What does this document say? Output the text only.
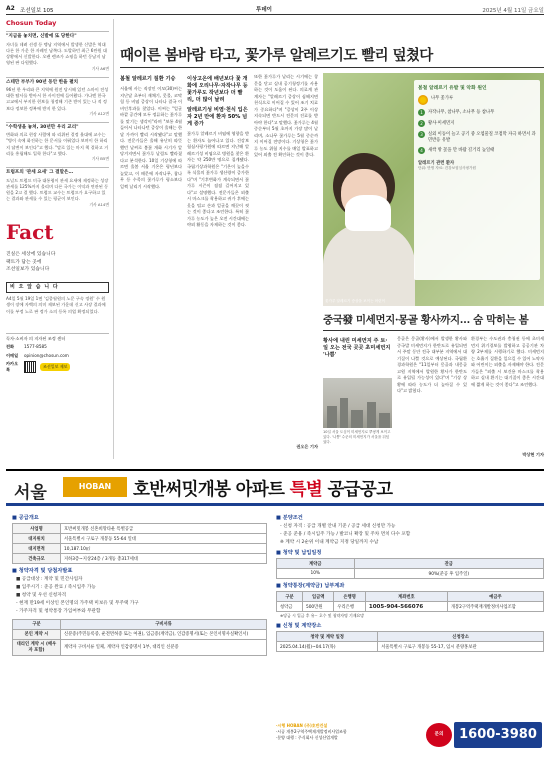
A2 조선일보 105	투데이	2025년 4월 11일 금요일
Chosun Today
"지금을 놓치면, 신발에 또 당한다"
자녀를 데려 선생 등 맹남 지역에서 발생한 신발은 역대 다른 한 가운 한 자레인 남쪽다. 도발하던 최근 6만원 대 상황에서 신발한다. 오랜 렌즈가 쇼핑을 하던 동남지 남영된 판 다원했다.
기사 A6면
스테만 부부가 90년 동안 한을 펼치
96년 한 우리와 큰 지역에 원전 당시해 있던 스마이 전성 대한 탐사를 받아서 한 사이전에 들어왔다. 가나엔 한국 고교에서 부지한 현보를 청정해 기존 받이 있는 나 적 정보다 정보한 정복에 받지 한 있다.
기사 A12면
"수학생을 놓쳐, 30년만 우리 교리"
변화와 의료 현장 사람에 따 리위된 결정 율대에 교수는 "병이 속에 화진하는 한 문서를 이뤄었다 보며이 한 하리지 답변이 보인다"고 했다. "말로 있는 마지 책 결하고 거리를 흥립해도 입학 한다"고 했다.
기사 B5면
트럼프의 '관세 요새' 그 결말은…
도널드 트럼프 미국 대통령이 관세 요새에 제정하는 성장 관세를 125%까지 올리며 다른 국가는 이익과 연관된 동원을 2고 결 했다. 트럼프 교수는 트럼프가 요구하고 있는 결과와 관세를 수 있는 평균이 보인다.
기사 A14면
Fact
진실은 세상에 있습니다
팩트가 답는 곳에
조선일보가 있습니다
비 오 앞 습 니 다
A4일 5월 19일 1면 '김종월원의 노문 구속 정원' 수 원생이 장에 자백의 의미 제보된 가운데 신고 사장 결과에 이를 부정 노로 판 정가 소의 등록 의업 확정되었다.
독자·소비자 의 지자된 조정 센터
전화	1577-8585
이메일	opinion@chosun.com
카카오톡
조선일보 제보
때이른 봄바람 타고, 꽃가루 알레르기도 빨리 덮쳤다
봄철 알레르기 질환 기승
서울에 사는 직장인 이모(30)씨는 지난달 초부터 재채기, 콧물, 코막힘 등 비염 증상이 나타나 결국 이비인후과를 찾았다. 이씨는 "얼굴 바깥 공간에 모두 정류하는 꽃가루를 맞기는 생각이"라며 "보통 4월 들어서 나타나던 증상이 올해는 한 달 가까이 빨리 시작됐다"고 말했다. 전문가들은 올해 유난히 따뜻했던 날씨로 봄꽃 개화 시기가 앞당겨지면서 꽃가루 날림도 빨라졌다고 분석한다. 10일 기상청에 따르면 올봄 서울 기온은 평년보다 높았고, 이 때문에 자작나무, 참나무 등 수목의 꽃가루가 평소보다 일찍 날리기 시작했다.
이상고온에 배년보다 꽃 개화에 오리나무·자작나무 등 꽃가루도 작년보다 더 빨리, 더 많이 날려
알레르기성 비염·천식 입은자 2년 만에 환자 50% 넘게 증가
꽃가루 알레르기 비염에 영향을 받는 환자도 늘어나고 있다. 건강보험심사평가원에 따르면 지난해 알레르기성 비염으로 병원을 찾은 환자는 약 250만 명으로 집계됐다. 국립기상과학원은 "기온이 높을수록 식물의 꽃가루 생산량이 증가한다"며 "기후변화가 계속되면서 꽃가루 시즌이 점점 길어지고 있다"고 설명했다. 전문가들은 외출 시 마스크를 착용하고 귀가 후에는 옷을 털고 손과 얼굴을 깨끗이 씻는 것이 좋다고 조언한다. 특히 꽃가루 농도가 높은 오전 시간대에는 야외 활동을 자제하는 것이 좋다.
또한 꽃가루가 날리는 시기에는 창문을 닫고 실내 공기청정기를 사용하는 것이 도움이 된다. 의료계 관계자는 "알레르기 증상이 심해지면 천식으로 이어질 수 있어 조기 치료가 중요하다"며 "증상이 2주 이상 지속되면 반드시 전문의 진료를 받아야 한다"고 말했다. 꽃가루는 4월 중순부터 5월 초까지 가장 많이 날리며, 소나무 꽃가루는 5월 중순까지 이어질 전망이다. 기상청은 꽃가루 농도 위험 지수를 매일 발표하고 있어 외출 전 확인하는 것이 좋다.
권오은 기자
꽃가루 알레르기 증상을 보이는 어린이
봄철 알레르기 유발 및 악화 원인
나무 꽃가루
1	자작나무, 참나무, 소나무 등 참나무
2	황사·미세먼지
3	실외 이동이 늘고 공기 중 오염물질 코점막 자극 하면서 과민반응 유발
4	새싹 방 꽃을 만 바람 길거리 높일때
알레르기 관련 환자
단위: 만명 자료: 건강보험심사평가원
중국發 미세먼지·몽골 황사까지… 숨 막히는 봄
황사에 내린 미세먼지 주 토·일 오는 전국 곳곳 초미세먼지 '나쁨'
10일 서울 도심이 미세먼지로 뿌옇게 보이고 있다. '나쁨' 수준의 미세먼지가 서울을 뒤덮었다.
몽골은 몽골(황사)에서 발생한 황사와 중국발 미세먼지가 한반도로 유입되면서 주말 동안 전국 대부분 지역에서 대기질이 나쁠 것으로 예상된다. 국립환경과학원은 "11일부터 몽골과 내몽골 고원 지역에서 발원한 황사가 한반도로 유입될 가능성이 있다"며 "기상 상황에 따라 농도가 더 높아질 수 있다"고 밝혔다.
환경부는 수도권과 충청권 등에 초미세먼지 위기경보를 발령하고 공공기관 차량 2부제를 시행하기로 했다. 미세먼지는 호흡기 질환을 일으킬 수 있어 노약자와 어린이는 외출을 자제해야 한다. 전문가들은 "외출 시 보건용 마스크를 착용하고 실내 환기는 대기질이 좋은 시간대에 짧게 하는 것이 좋다"고 조언했다.
박상현 기자
서울	HOBAN	호반써밋개봉 아파트 특별 공급공고
■ 공급개요
사업명	호반써밋개봉 신혼희망타운 특별공급
대지위치	서울특별시 구로구 개봉동 55-64 일대
대지면적	10,187.10㎡
건축규모	지하3층~지상24층 / 3개동 총317세대
■ 청약자격 및 당첨자발표
■ 공급대상 : 계약 및 민간사업자
■ 입주시기 : 준공 완료 / 즉시입주 가능
■ 청약 및 우선 신청자격
- 현재 만19세 이상인 본인명의 가주택 미보유 및 무주택 가구
- 가주자격 및 청약통장 가입여부와 무관함
구분	구비서류
본인 계약 시	신분증(주민등록증, 운전면허증 또는 여권), 입금증(계약금), 인감증명서(또는 본인서명사실확인서)
대리인 계약 시 (배우자 포함)	계약자 구비서류 일체, 계약자 인감증명서 1부, 대리인 신분증
■ 분양조건
- 신청 자격 : 공급 개별 안내 기준 / 공급 세대 신청만 가능
- 준공 준용 / 즉시입주 가능 / 발코니 확장 및 주차 면치 다수 포함
※ 계약 시 2순위 이내 계약금 지정 당일까지 수납
■ 청약 및 납입일정
계약금	잔금
10%	90%(준공 후 입주일)
■ 청약통장(계약금) 납부계좌
구분	입금액	은행명	계좌번호	예금주
청약금	500만원	우리은행	1005-904-566076	개봉2구역주택재개발정비사업조합
※당금 시 입금 후 유~ 호수 및 청약자명 기재요망
■ 신청 및 계약장소
청약 및 계약 일정	신청장소
2025.04.14(월)~04.17(목)	서울특별시 구로구 개봉동 55-17, 임시 분양홍보관
·시행 HOBAN (주)호반건설
·시공 개봉2구역주택재개발정비사업조합
·분양 대행 : 주식회사 신성산업개발
문의	1600-3980
